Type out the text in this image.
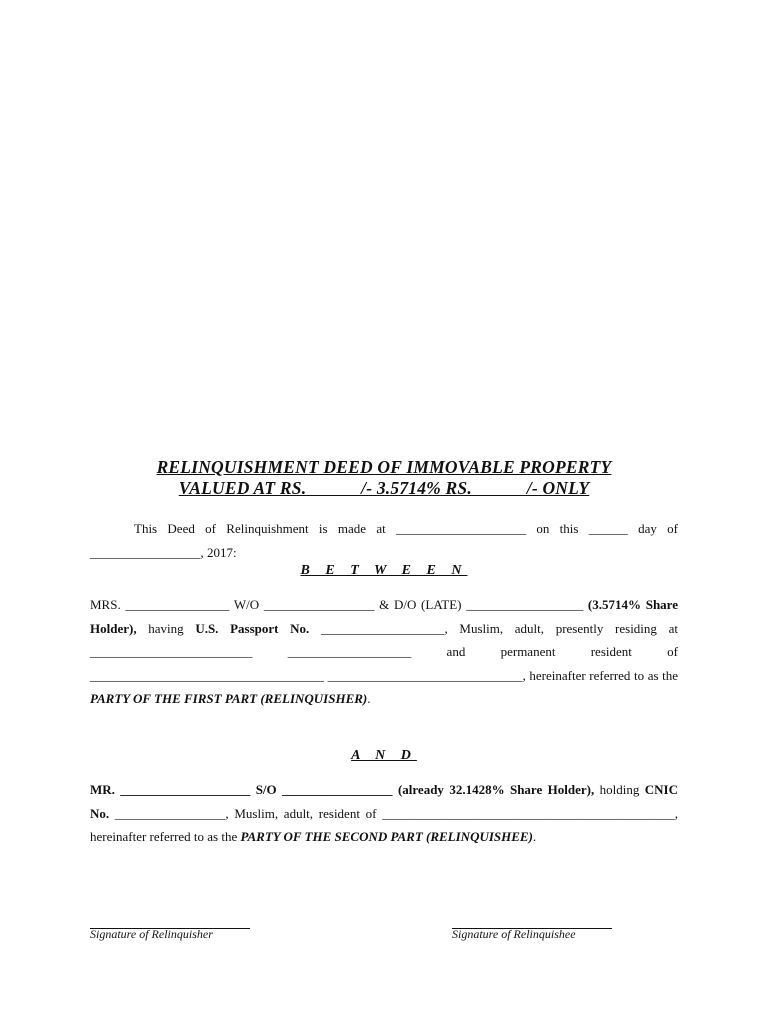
RELINQUISHMENT DEED OF IMMOVABLE PROPERTY
VALUED AT RS.            /- 3.5714% RS.            /- ONLY
This Deed of Relinquishment is made at ____________________ on this ______ day of _________________, 2017:
B E T W E E N
MRS. ________________ W/O _________________ & D/O (LATE) __________________ (3.5714% Share Holder), having U.S. Passport No. ___________________, Muslim, adult, presently residing at _________________________ ___________________ and permanent resident of ____________________________________ ______________________________, hereinafter referred to as the PARTY OF THE FIRST PART (RELINQUISHER).
A N D
MR. ____________________ S/O _________________ (already 32.1428% Share Holder), holding CNIC No. _________________, Muslim, adult, resident of _____________________________________________, hereinafter referred to as the PARTY OF THE SECOND PART (RELINQUISHEE).
Signature of Relinquisher	Signature of Relinquishee
